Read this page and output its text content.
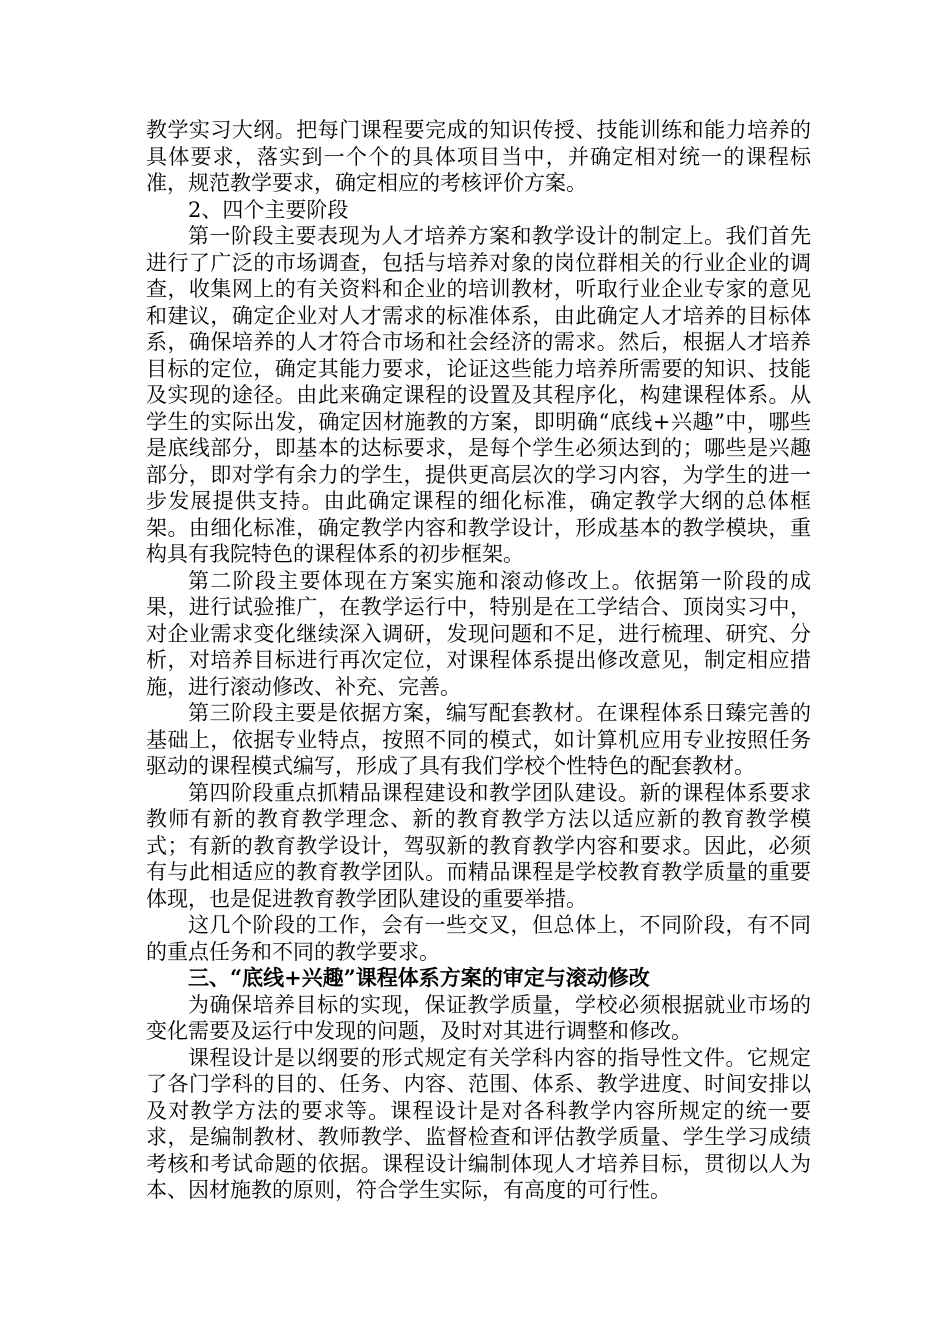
教学实习大纲。把每门课程要完成的知识传授、技能训练和能力培养的具体要求，落实到一个个的具体项目当中，并确定相对统一的课程标准，规范教学要求，确定相应的考核评价方案。

2、四个主要阶段

第一阶段主要表现为人才培养方案和教学设计的制定上。我们首先进行了广泛的市场调查，包括与培养对象的岗位群相关的行业企业的调查，收集网上的有关资料和企业的培训教材，听取行业企业专家的意见和建议，确定企业对人才需求的标准体系，由此确定人才培养的目标体系，确保培养的人才符合市场和社会经济的需求。然后，根据人才培养目标的定位，确定其能力要求，论证这些能力培养所需要的知识、技能及实现的途径。由此来确定课程的设置及其程序化，构建课程体系。从学生的实际出发，确定因材施教的方案，即明确“底线+兴趣”中，哪些是底线部分，即基本的达标要求，是每个学生必须达到的；哪些是兴趣部分，即对学有余力的学生，提供更高层次的学习内容，为学生的进一步发展提供支持。由此确定课程的细化标准，确定教学大纲的总体框架。由细化标准，确定教学内容和教学设计，形成基本的教学模块，重构具有我院特色的课程体系的初步框架。

第二阶段主要体现在方案实施和滚动修改上。依据第一阶段的成果，进行试验推广，在教学运行中，特别是在工学结合、顶岗实习中，对企业需求变化继续深入调研，发现问题和不足，进行梳理、研究、分析，对培养目标进行再次定位，对课程体系提出修改意见，制定相应措施，进行滚动修改、补充、完善。

第三阶段主要是依据方案，编写配套教材。在课程体系日臻完善的基础上，依据专业特点，按照不同的模式，如计算机应用专业按照任务驱动的课程模式编写，形成了具有我们学校个性特色的配套教材。

第四阶段重点抓精品课程建设和教学团队建设。新的课程体系要求教师有新的教育教学理念、新的教育教学方法以适应新的教育教学模式；有新的教育教学设计，驾驭新的教育教学内容和要求。因此，必须有与此相适应的教育教学团队。而精品课程是学校教育教学质量的重要体现，也是促进教育教学团队建设的重要举措。

这几个阶段的工作，会有一些交叉，但总体上，不同阶段，有不同的重点任务和不同的教学要求。

三、“底线+兴趣”课程体系方案的审定与滚动修改

为确保培养目标的实现，保证教学质量，学校必须根据就业市场的变化需要及运行中发现的问题，及时对其进行调整和修改。

课程设计是以纲要的形式规定有关学科内容的指导性文件。它规定了各门学科的目的、任务、内容、范围、体系、教学进度、时间安排以及对教学方法的要求等。课程设计是对各科教学内容所规定的统一要求，是编制教材、教师教学、监督检查和评估教学质量、学生学习成绩考核和考试命题的依据。课程设计编制体现人才培养目标，贯彻以人为本、因材施教的原则，符合学生实际，有高度的可行性。
